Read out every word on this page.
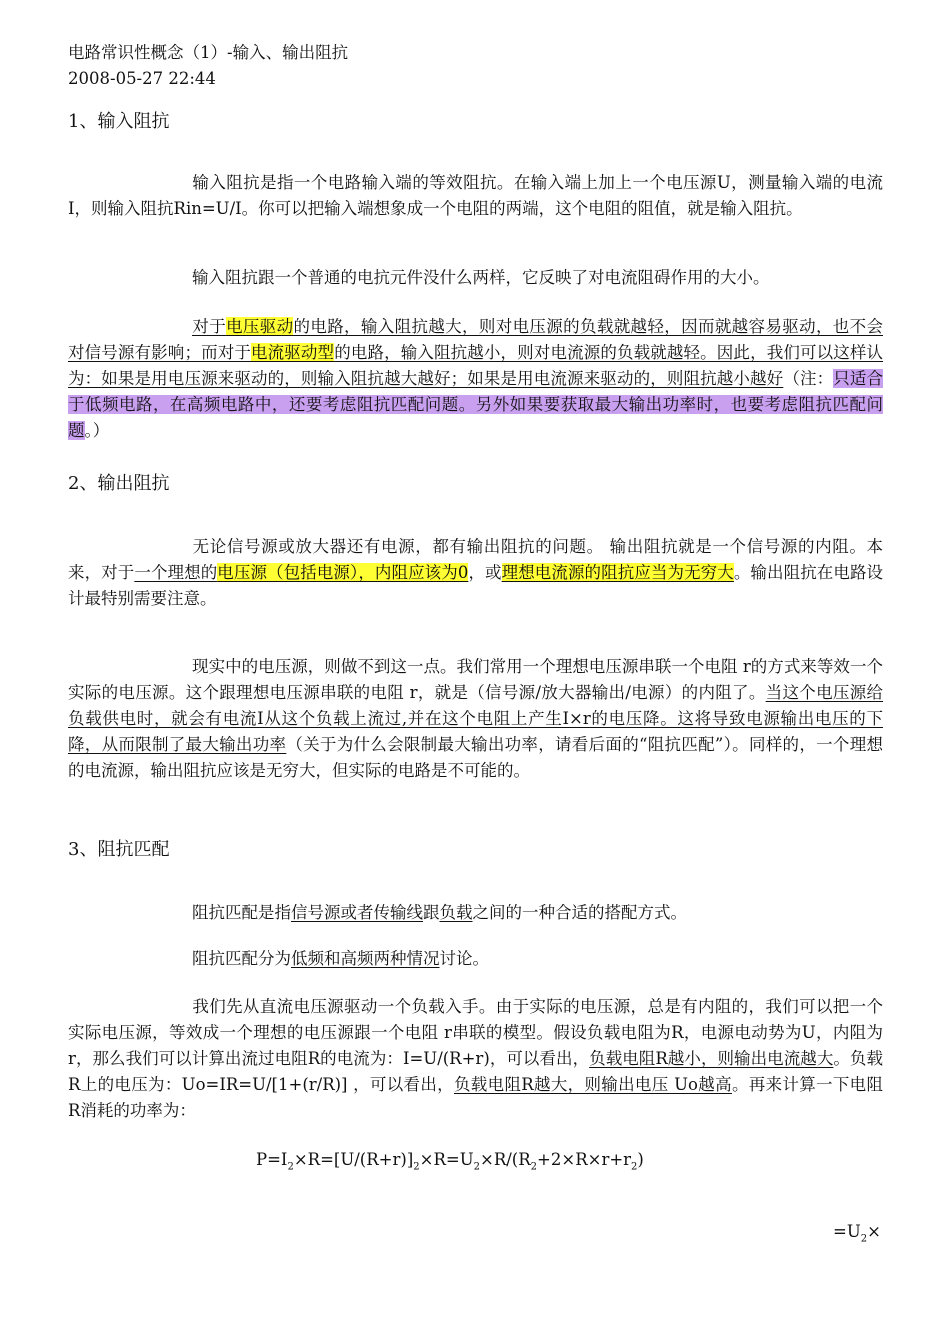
电路常识性概念（1）-输入、输出阻抗
2008-05-27 22:44
1、输入阻抗
输入阻抗是指一个电路输入端的等效阻抗。在输入端上加上一个电压源U，测量输入端的电流I，则输入阻抗Rin=U/I。你可以把输入端想象成一个电阻的两端，这个电阻的阻值，就是输入阻抗。
输入阻抗跟一个普通的电抗元件没什么两样，它反映了对电流阻碍作用的大小。
对于电压驱动的电路，输入阻抗越大，则对电压源的负载就越轻，因而就越容易驱动，也不会对信号源有影响；而对于电流驱动型的电路，输入阻抗越小，则对电流源的负载就越轻。因此，我们可以这样认为：如果是用电压源来驱动的，则输入阻抗越大越好；如果是用电流源来驱动的，则阻抗越小越好（注：只适合于低频电路，在高频电路中，还要考虑阻抗匹配问题。另外如果要获取最大输出功率时，也要考虑阻抗匹配问题。）
2、输出阻抗
无论信号源或放大器还有电源，都有输出阻抗的问题。 输出阻抗就是一个信号源的内阻。本来，对于一个理想的电压源（包括电源），内阻应该为0，或理想电流源的阻抗应当为无穷大。输出阻抗在电路设计最特别需要注意。
现实中的电压源，则做不到这一点。我们常用一个理想电压源串联一个电阻 r的方式来等效一个实际的电压源。这个跟理想电压源串联的电阻 r，就是（信号源/放大器输出/电源）的内阻了。当这个电压源给负载供电时，就会有电流I从这个负载上流过,并在这个电阻上产生I×r的电压降。这将导致电源输出电压的下降，从而限制了最大输出功率（关于为什么会限制最大输出功率，请看后面的“阻抗匹配”）。同样的，一个理想的电流源，输出阻抗应该是无穷大，但实际的电路是不可能的。
3、阻抗匹配
阻抗匹配是指信号源或者传输线跟负载之间的一种合适的搭配方式。
阻抗匹配分为低频和高频两种情况讨论。
我们先从直流电压源驱动一个负载入手。由于实际的电压源，总是有内阻的，我们可以把一个实际电压源，等效成一个理想的电压源跟一个电阻 r串联的模型。假设负载电阻为R，电源电动势为U，内阻为r，那么我们可以计算出流过电阻R的电流为：I=U/(R+r)，可以看出，负载电阻R越小，则输出电流越大。负载 R上的电压为：Uo=IR=U/[1+(r/R)] ，可以看出，负载电阻R越大，则输出电压 Uo越高。再来计算一下电阻 R消耗的功率为：
$P=I_2\times R=[U/(R+r)]_2\times R=U_2\times R/(R_2+2\times R\times r+r_2)$
$=U_2\times$
